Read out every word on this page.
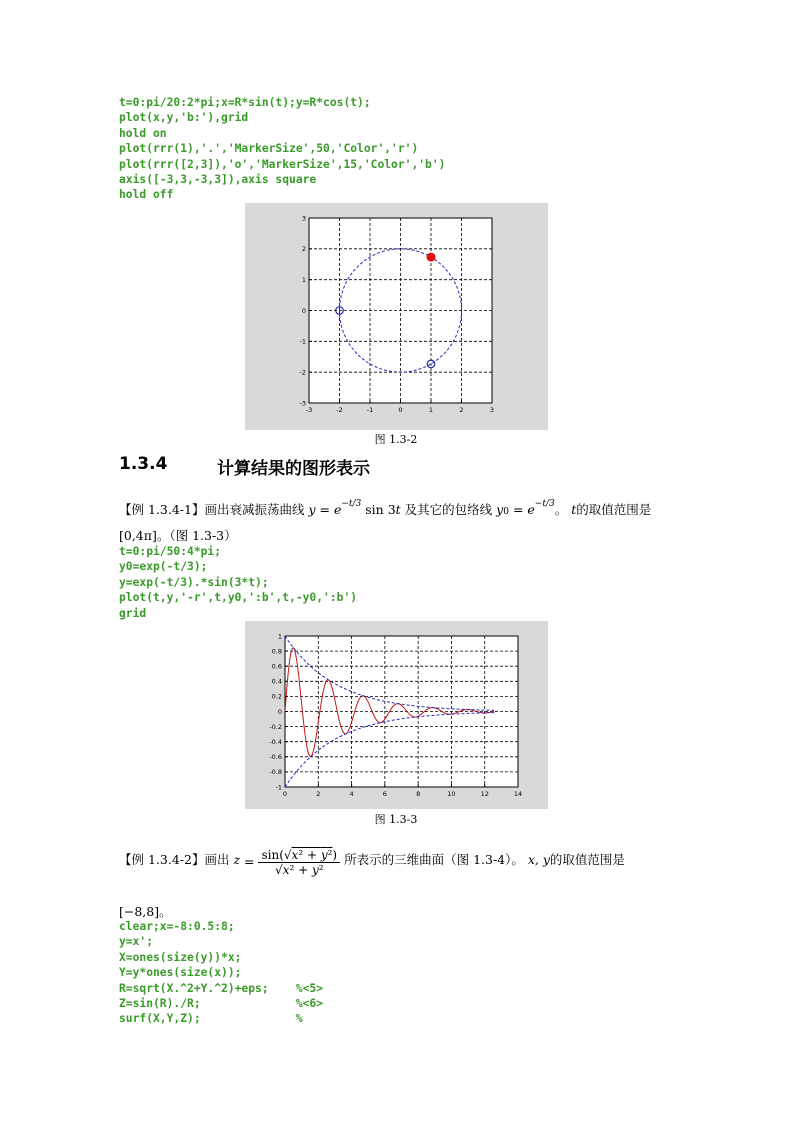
t=0:pi/20:2*pi;x=R*sin(t);y=R*cos(t);
plot(x,y,'b:'),grid
hold on
plot(rrr(1),'.','MarkerSize',50,'Color','r')
plot(rrr([2,3]),'o','MarkerSize',15,'Color','b')
axis([-3,3,-3,3]),axis square
hold off
-3	-2	-1	0	1	2	3
3
2
1
0
-1
-2
-3
图 1.3-2
1.3.4	计算结果的图形表示
【例 1.3.4-1】画出衰减振荡曲线 $y = e^{-t/3}$ sin 3t 及其它的包络线 $y0 = e^{-t/3}$。 t的取值范围是
[0,4π]。（图 1.3-3）
t=0:pi/50:4*pi;
y0=exp(-t/3);
y=exp(-t/3).*sin(3*t);
plot(t,y,'-r',t,y0,':b',t,-y0,':b')
grid
0	2	4	6	8	10	12	14
1
0.8
0.6
0.4
0.2
0
-0.2
-0.4
-0.6
-0.8
-1
图 1.3-3
【例 1.3.4-2】画出 $z = \frac{\text{sin(√x² + y²)}}{\text{√x² + y²}}$ 所表示的三维曲面（图 1.3-4）。 x, y的取值范围是
[−8,8]。
clear;x=-8:0.5:8;
y=x';
X=ones(size(y))*x;
Y=y*ones(size(x));
R=sqrt(X.^2+Y.^2)+eps;    %<5>
Z=sin(R)./R;              %<6>
surf(X,Y,Z);              %
